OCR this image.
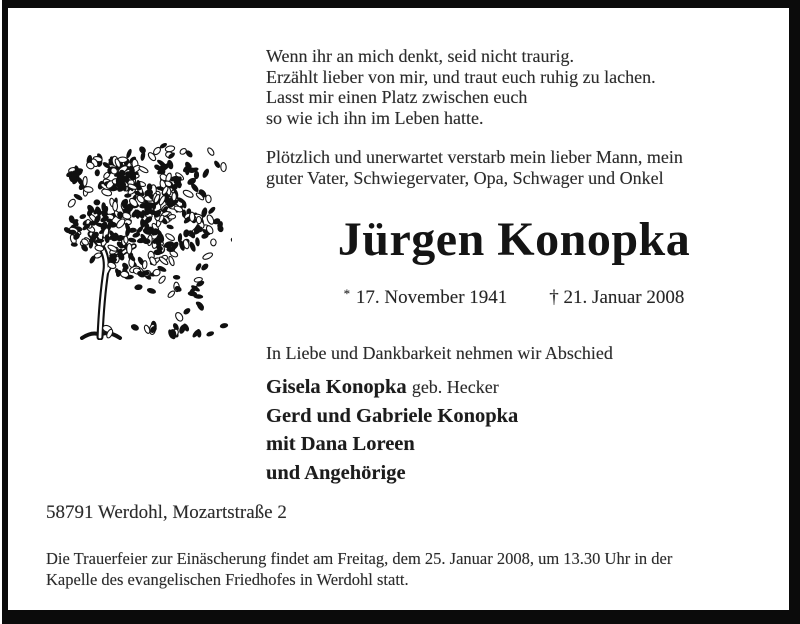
Wenn ihr an mich denkt, seid nicht traurig.
Erzählt lieber von mir, und traut euch ruhig zu lachen.
Lasst mir einen Platz zwischen euch
so wie ich ihn im Leben hatte.
Plötzlich und unerwartet verstarb mein lieber Mann, mein
guter Vater, Schwiegervater, Opa, Schwager und Onkel
Jürgen Konopka
* 17. November 1941 † 21. Januar 2008
In Liebe und Dankbarkeit nehmen wir Abschied
Gisela Konopka geb. Hecker
Gerd und Gabriele Konopka
mit Dana Loreen
und Angehörige
58791 Werdohl, Mozartstraße 2
Die Trauerfeier zur Einäscherung findet am Freitag, dem 25. Januar 2008, um 13.30 Uhr in der
Kapelle des evangelischen Friedhofes in Werdohl statt.
